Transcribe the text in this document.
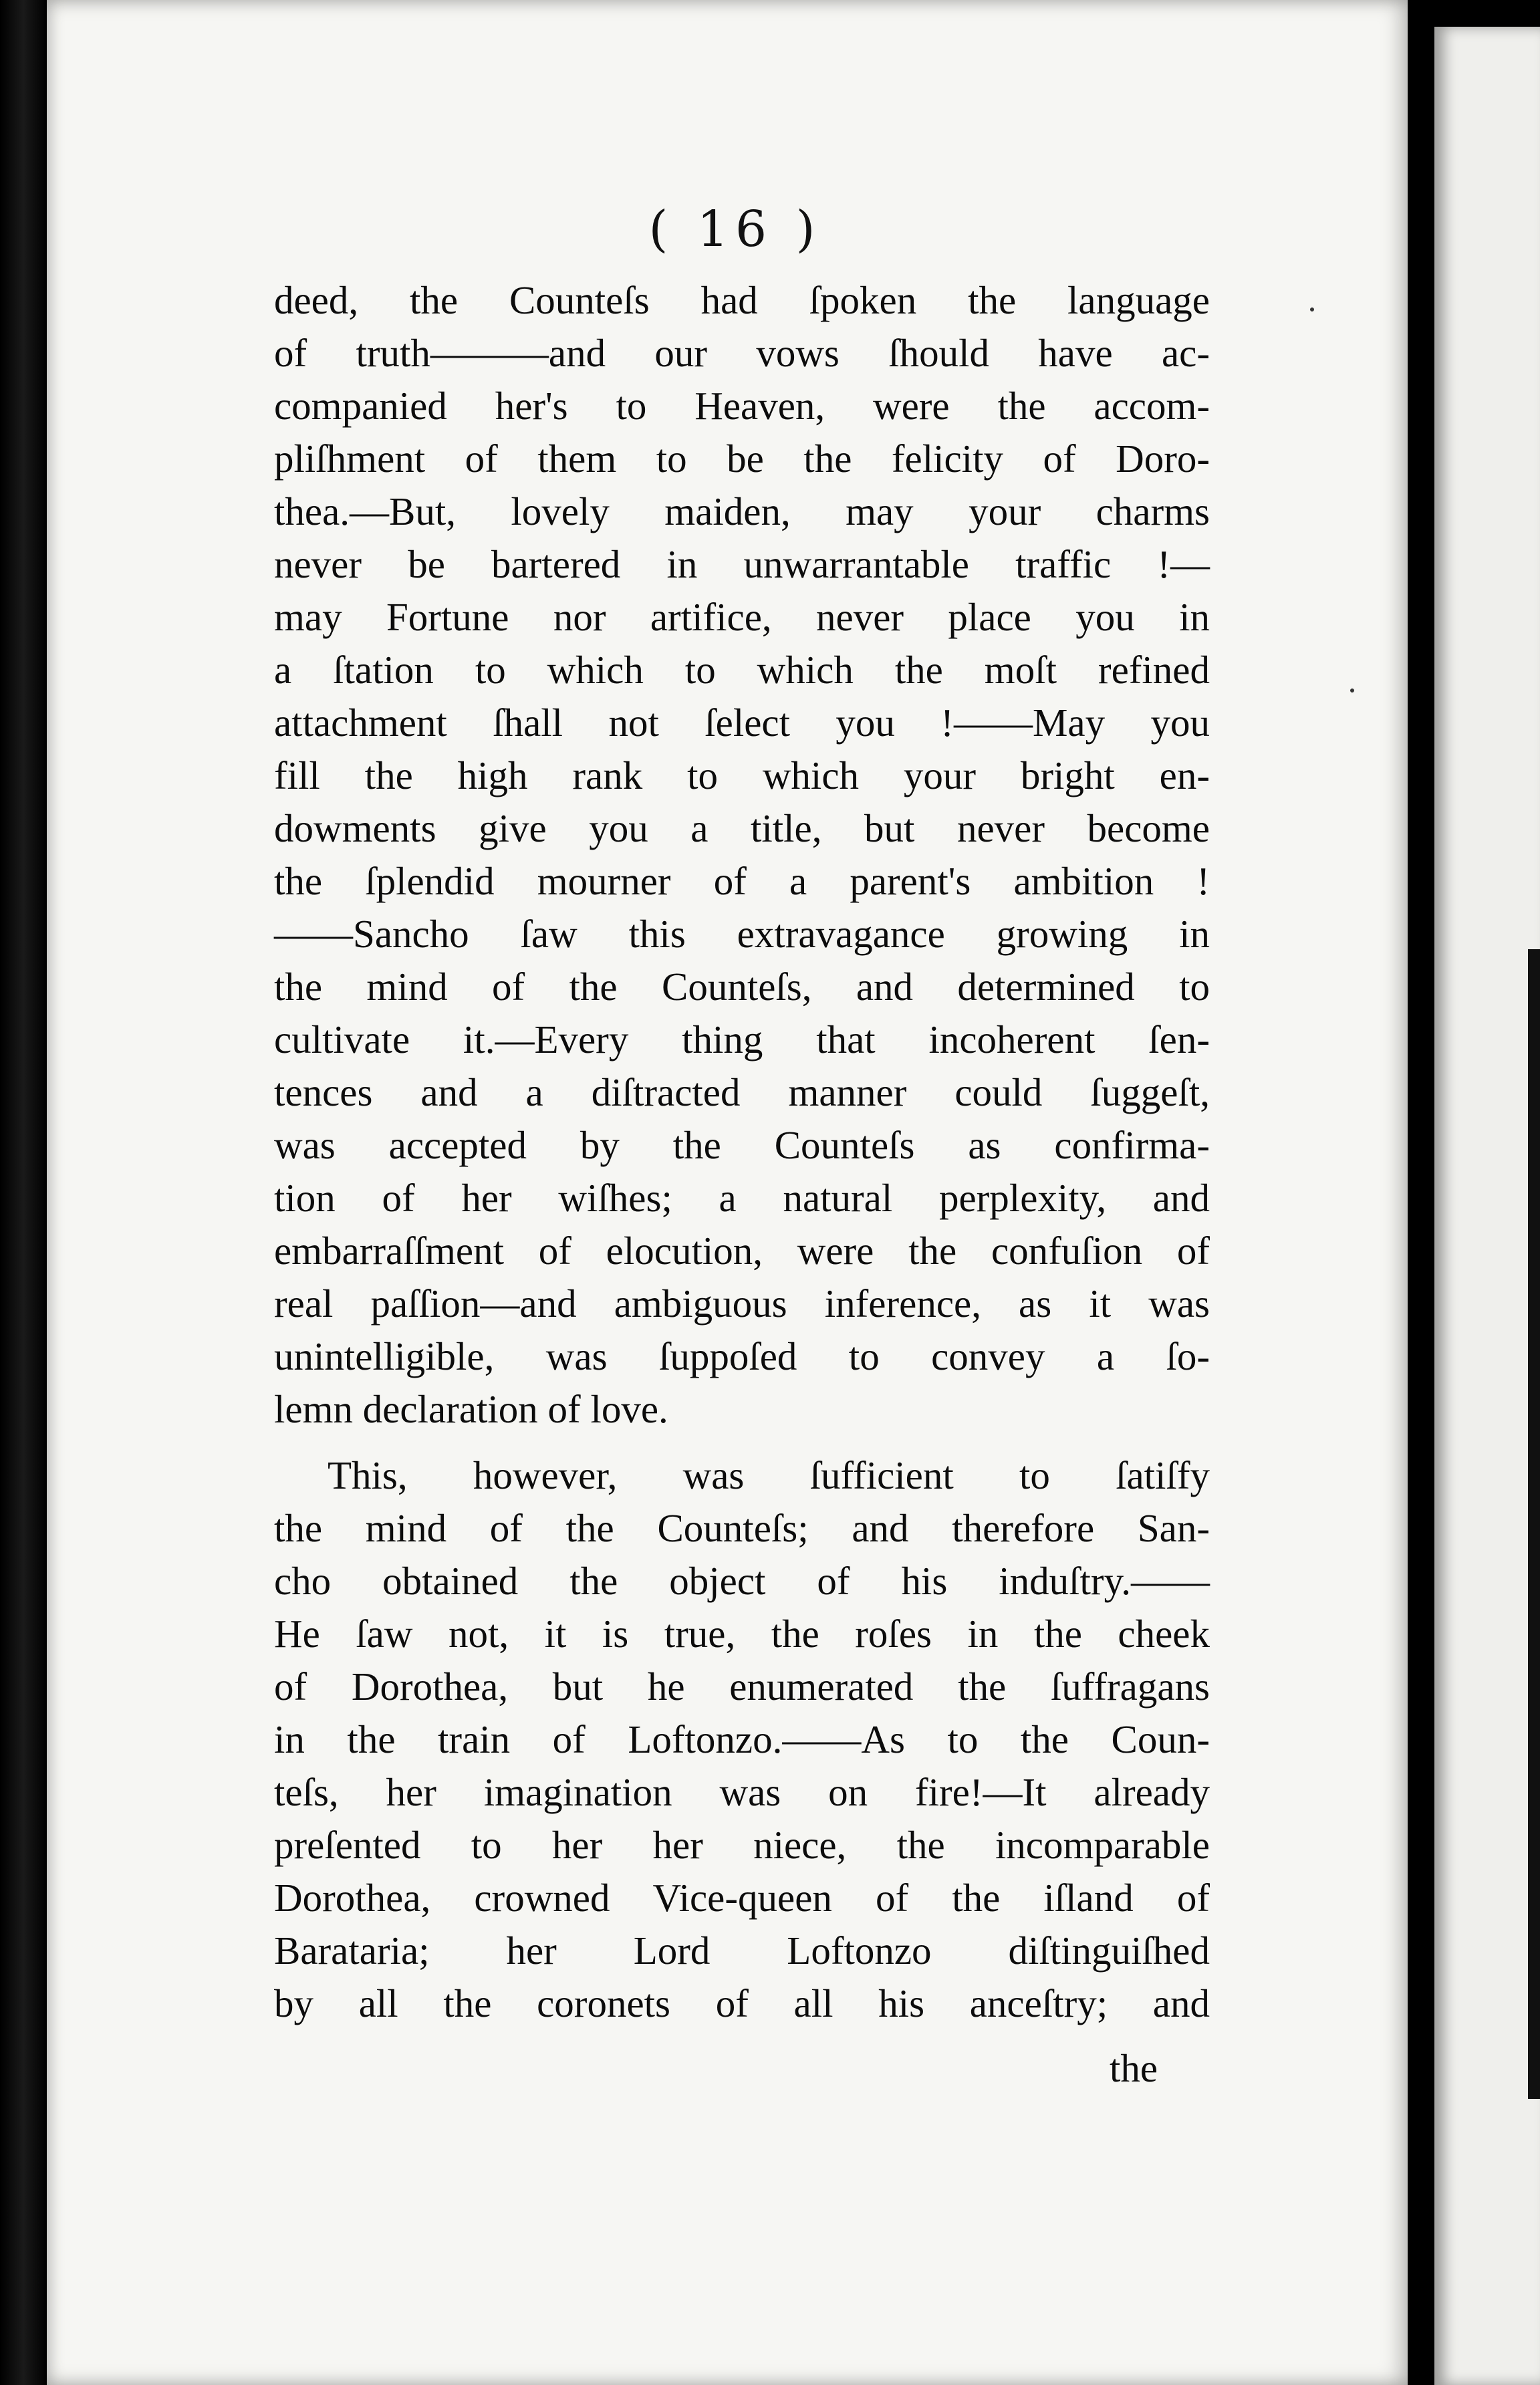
( 16 )
deed, the Counteſs had ſpoken the language
of truth———and our vows ſhould have ac-
companied her's to Heaven, were the accom-
pliſhment of them to be the felicity of Doro-
thea.—But, lovely maiden, may your charms
never be bartered in unwarrantable traffic !—
may Fortune nor artifice, never place you in
a ſtation to which to which the moſt refined
attachment ſhall not ſelect you !——May you
fill the high rank to which your bright en-
dowments give you a title, but never become
the ſplendid mourner of a parent's ambition !
——Sancho ſaw this extravagance growing in
the mind of the Counteſs, and determined to
cultivate it.—Every thing that incoherent ſen-
tences and a diſtracted manner could ſuggeſt,
was accepted by the Counteſs as confirma-
tion of her wiſhes; a natural perplexity, and
embarraſſment of elocution, were the confuſion of
real paſſion—and ambiguous inference, as it was
unintelligible, was ſuppoſed to convey a ſo-
lemn declaration of love.
This, however, was ſufficient to ſatiſfy
the mind of the Counteſs; and therefore San-
cho obtained the object of his induſtry.——
He ſaw not, it is true, the roſes in the cheek
of Dorothea, but he enumerated the ſuffragans
in the train of Loftonzo.——As to the Coun-
teſs, her imagination was on fire!—It already
preſented to her her niece, the incomparable
Dorothea, crowned Vice-queen of the iſland of
Barataria; her Lord Loftonzo diſtinguiſhed
by all the coronets of all his anceſtry; and
the
